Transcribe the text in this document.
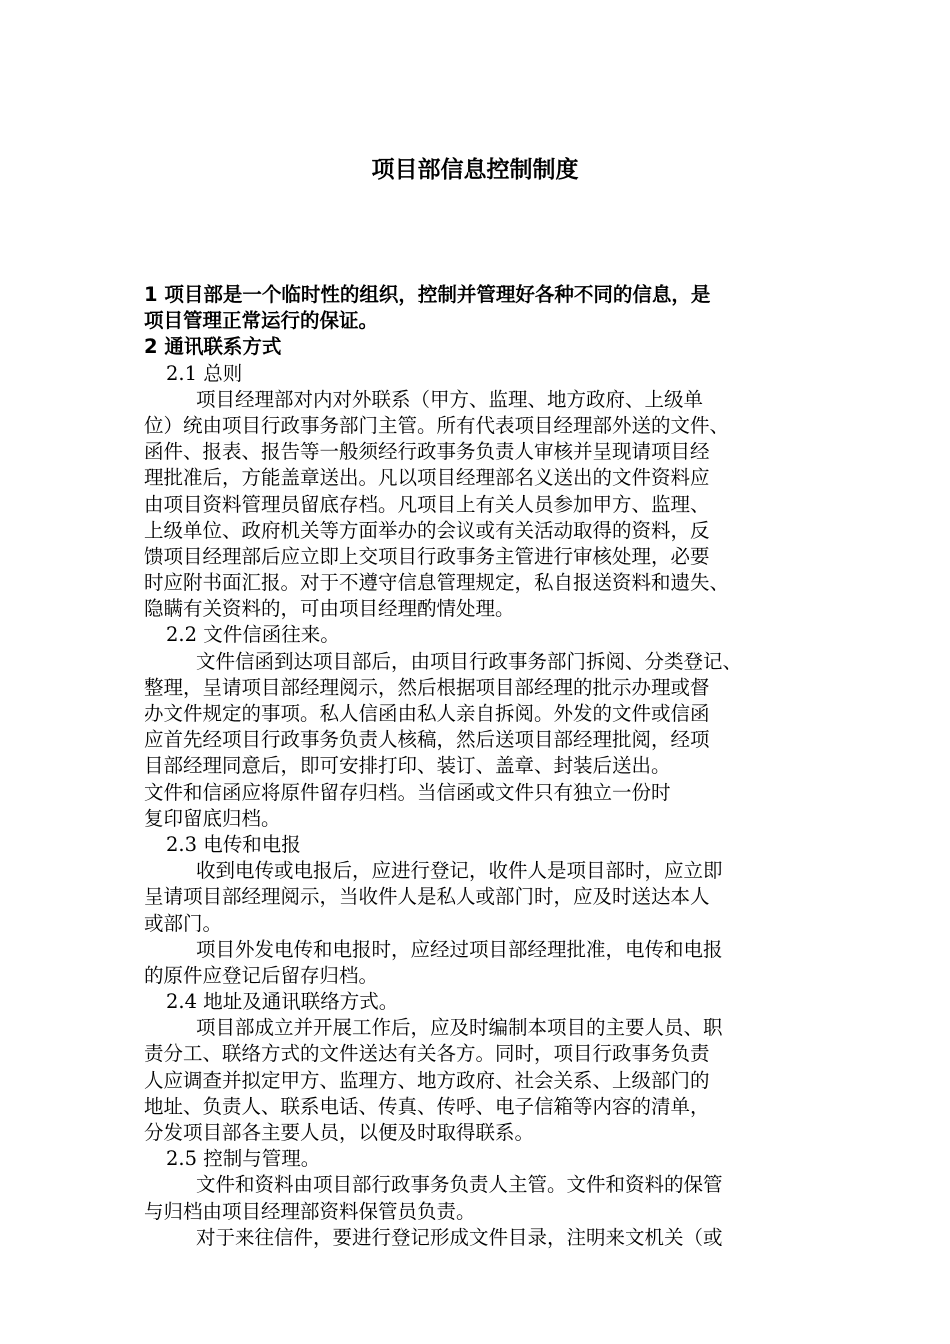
项目部信息控制制度
1 项目部是一个临时性的组织，控制并管理好各种不同的信息，是
项目管理正常运行的保证。
2 通讯联系方式
2.1 总则
项目经理部对内对外联系（甲方、监理、地方政府、上级单
位）统由项目行政事务部门主管。所有代表项目经理部外送的文件、
函件、报表、报告等一般须经行政事务负责人审核并呈现请项目经
理批准后，方能盖章送出。凡以项目经理部名义送出的文件资料应
由项目资料管理员留底存档。凡项目上有关人员参加甲方、监理、
上级单位、政府机关等方面举办的会议或有关活动取得的资料，反
馈项目经理部后应立即上交项目行政事务主管进行审核处理，必要
时应附书面汇报。对于不遵守信息管理规定，私自报送资料和遗失、
隐瞒有关资料的，可由项目经理酌情处理。
2.2 文件信函往来。
文件信函到达项目部后，由项目行政事务部门拆阅、分类登记、
整理，呈请项目部经理阅示，然后根据项目部经理的批示办理或督
办文件规定的事项。私人信函由私人亲自拆阅。外发的文件或信函
应首先经项目行政事务负责人核稿，然后送项目部经理批阅，经项
目部经理同意后，即可安排打印、装订、盖章、封装后送出。
文件和信函应将原件留存归档。当信函或文件只有独立一份时
复印留底归档。
2.3 电传和电报
收到电传或电报后，应进行登记，收件人是项目部时，应立即
呈请项目部经理阅示，当收件人是私人或部门时，应及时送达本人
或部门。
项目外发电传和电报时，应经过项目部经理批准，电传和电报
的原件应登记后留存归档。
2.4 地址及通讯联络方式。
项目部成立并开展工作后，应及时编制本项目的主要人员、职
责分工、联络方式的文件送达有关各方。同时，项目行政事务负责
人应调查并拟定甲方、监理方、地方政府、社会关系、上级部门的
地址、负责人、联系电话、传真、传呼、电子信箱等内容的清单，
分发项目部各主要人员，以便及时取得联系。
2.5 控制与管理。
文件和资料由项目部行政事务负责人主管。文件和资料的保管
与归档由项目经理部资料保管员负责。
对于来往信件，要进行登记形成文件目录，注明来文机关（或
